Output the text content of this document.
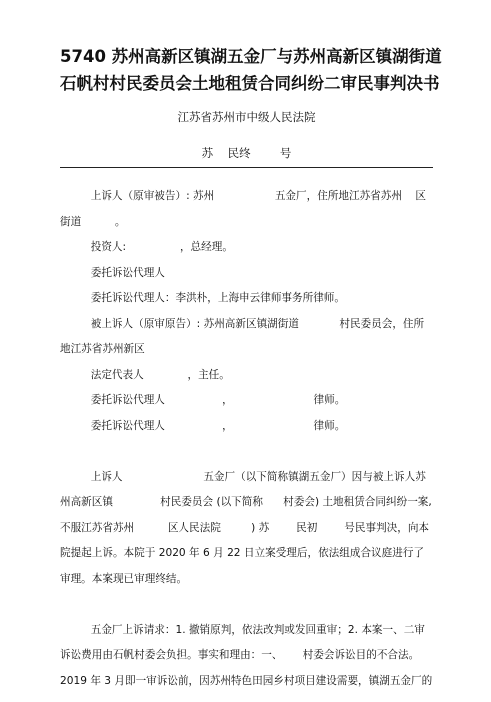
5740 苏州高新区镇湖五金厂与苏州高新区镇湖街道
石帆村村民委员会土地租赁合同纠纷二审民事判决书
江苏省苏州市中级人民法院
苏    民终        号

上诉人（原审被告）: 苏州                  五金厂，住所地江苏省苏州    区街道          。

投资人:                ，总经理。

委托诉讼代理人

委托诉讼代理人：李洪朴，上海申云律师事务所律师。

被上诉人（原审原告）: 苏州高新区镇湖街道            村民委员会，住所地江苏省苏州新区

法定代表人             ，主任。

委托诉讼代理人                 ，                        律师。

委托诉讼代理人                 ，                        律师。

上诉人                        五金厂（以下简称镇湖五金厂）因与被上诉人苏州高新区镇              村民委员会 (以下简称      村委会) 土地租赁合同纠纷一案, 不服江苏省苏州          区人民法院         ) 苏        民初        号民事判决，向本院提起上诉。本院于 2020 年 6 月 22 日立案受理后，依法组成合议庭进行了审理。本案现已审理终结。

五金厂上诉请求：1. 撤销原判，依法改判或发回重审；2. 本案一、二审诉讼费用由石帆村委会负担。事实和理由：一、      村委会诉讼目的不合法。2019 年 3 月即一审诉讼前，因苏州特色田园乡村项目建设需要，镇湖五金厂的
